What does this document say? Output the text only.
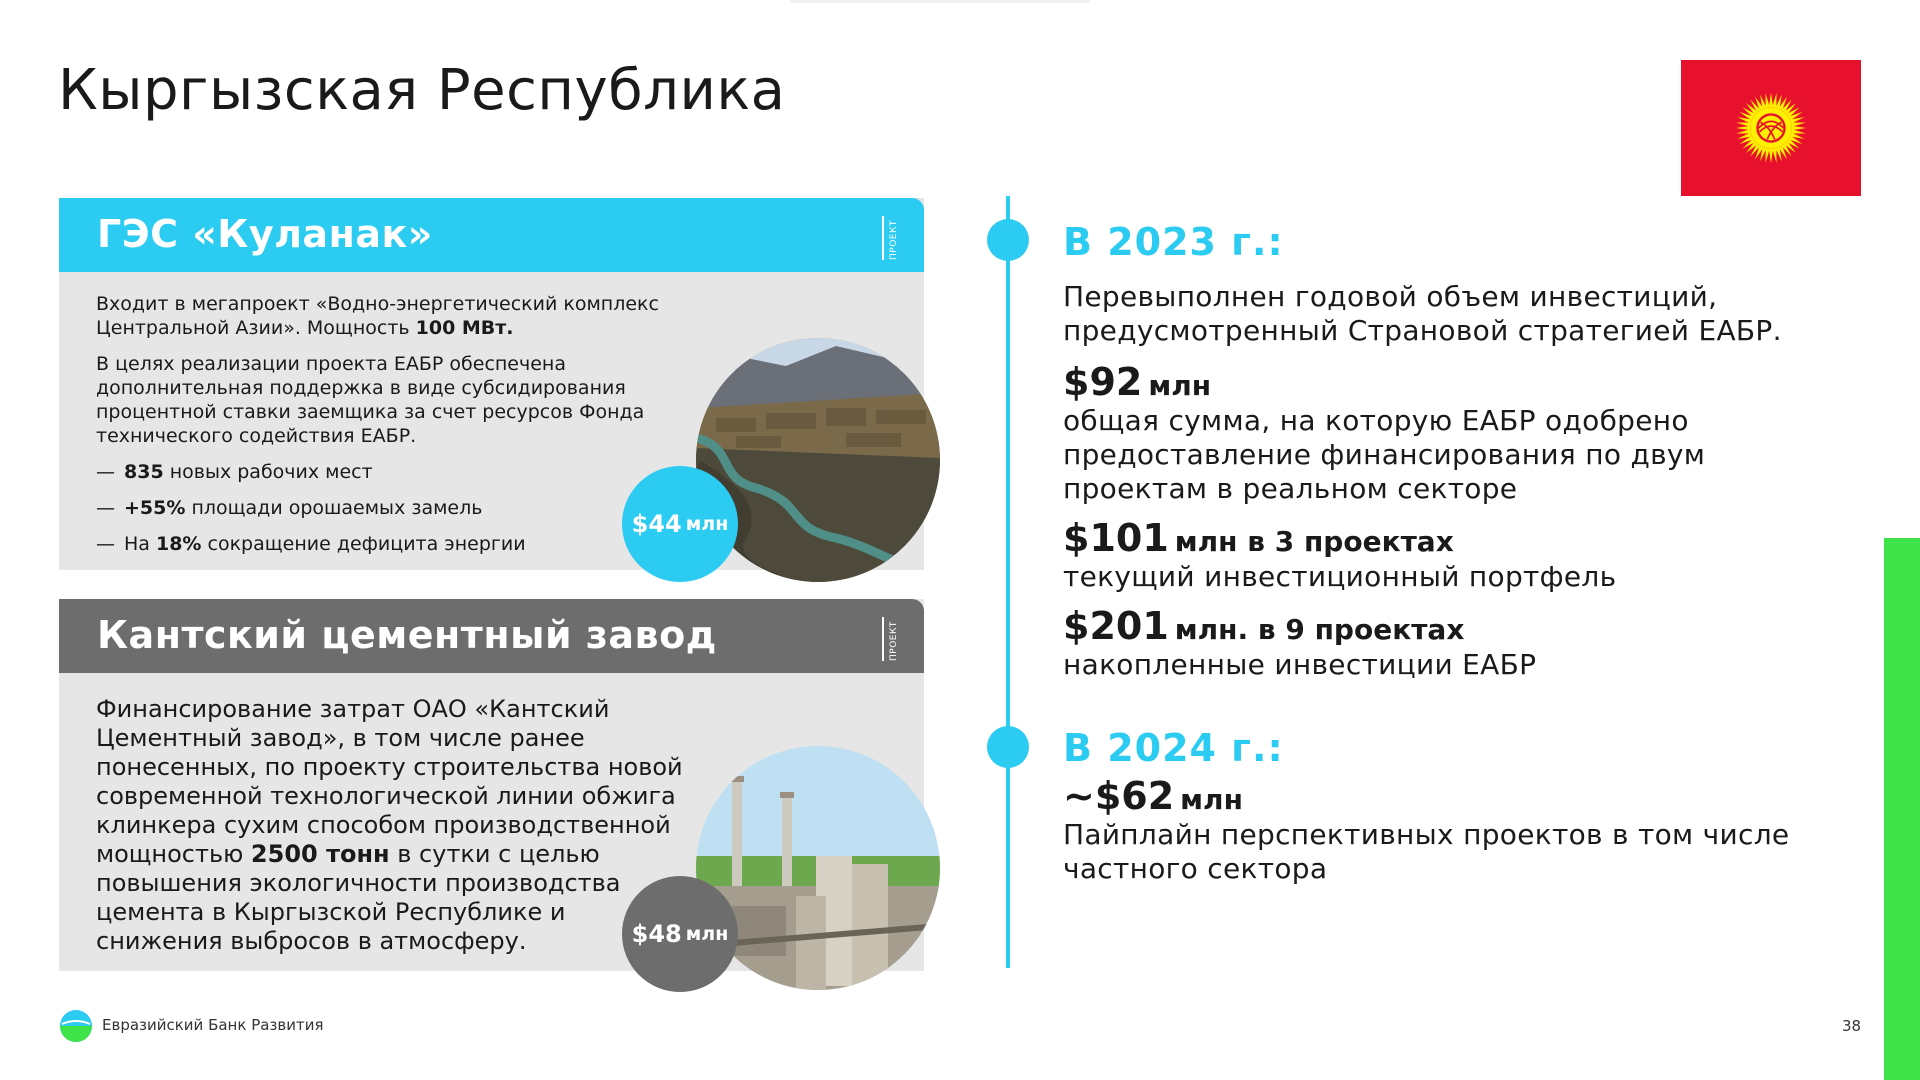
Кыргызская Республика
ГЭС «Куланак»	ПРОЕКТ

Входит в мегапроект «Водно-энергетический комплекс Центральной Азии». Мощность 100 МВт.

В целях реализации проекта ЕАБР обеспечена дополнительная поддержка в виде субсидирования процентной ставки заемщика за счет ресурсов Фонда технического содействия ЕАБР.

— 835 новых рабочих мест
— +55% площади орошаемых замель
— На 18% сокращение дефицита энергии
$44 млн
Кантский цементный завод	ПРОЕКТ
Финансирование затрат ОАО «Кантский Цементный завод», в том числе ранее понесенных, по проекту строительства новой современной технологической линии обжига клинкера сухим способом производственной мощностью 2500 тонн в сутки с целью повышения экологичности производства цемента в Кыргызской Республике и снижения выбросов в атмосферу.	$48 млн
В 2023 г.:
Перевыполнен годовой объем инвестиций, предусмотренный Страновой стратегией ЕАБР.
$92 млн
общая сумма, на которую ЕАБР одобрено предоставление финансирования по двум проектам в реальном секторе
$101 млн в 3 проектах
текущий инвестиционный портфель
$201 млн. в 9 проектах
накопленные инвестиции ЕАБР
В 2024 г.:
~$62 млн
Пайплайн перспективных проектов в том числе частного сектора
Евразийский Банк Развития	38
